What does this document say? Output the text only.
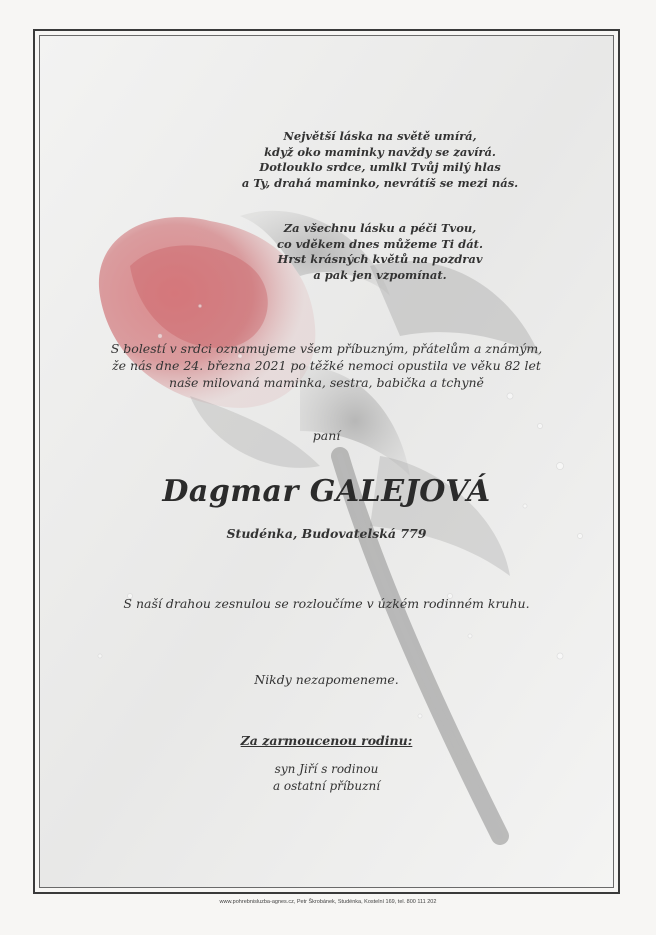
Největší láska na světě umírá,
když oko maminky navždy se zavírá.
Dotlouklo srdce, umlkl Tvůj milý hlas
a Ty, drahá maminko, nevrátíš se mezi nás.
Za všechnu lásku a péči Tvou,
co vděkem dnes můžeme Ti dát.
Hrst krásných květů na pozdrav
a pak jen vzpomínat.
S bolestí v srdci oznamujeme všem příbuzným, přátelům a známým,
že nás dne 24. března 2021 po těžké nemoci opustila ve věku 82 let
naše milovaná maminka, sestra, babička a tchyně
paní
Dagmar GALEJOVÁ
Studénka, Budovatelská 779
S naší drahou zesnulou se rozloučíme v úzkém rodinném kruhu.
Nikdy nezapomeneme.
Za zarmoucenou rodinu:
syn Jiří s rodinou
a ostatní příbuzní
www.pohrebnisluzba-agnes.cz, Petr Škrobánek, Studénka, Kostelní 169, tel. 800 111 202
